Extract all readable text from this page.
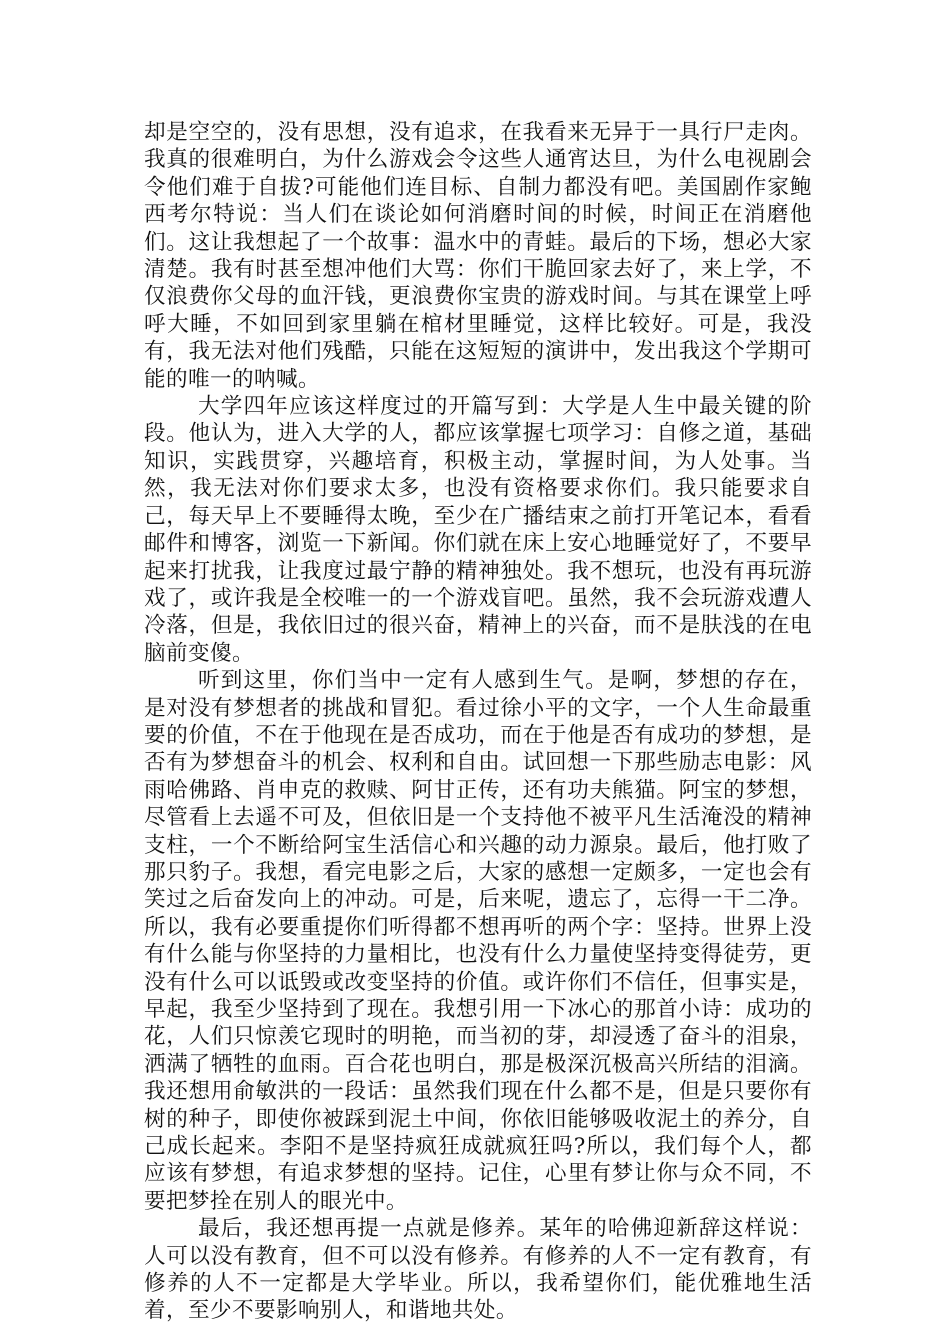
却是空空的，没有思想，没有追求，在我看来无异于一具行尸走肉。我真的很难明白，为什么游戏会令这些人通宵达旦，为什么电视剧会令他们难于自拔?可能他们连目标、自制力都没有吧。美国剧作家鲍西考尔特说：当人们在谈论如何消磨时间的时候，时间正在消磨他们。这让我想起了一个故事：温水中的青蛙。最后的下场，想必大家清楚。我有时甚至想冲他们大骂：你们干脆回家去好了，来上学，不仅浪费你父母的血汗钱，更浪费你宝贵的游戏时间。与其在课堂上呼呼大睡，不如回到家里躺在棺材里睡觉，这样比较好。可是，我没有，我无法对他们残酷，只能在这短短的演讲中，发出我这个学期可能的唯一的呐喊。

大学四年应该这样度过的开篇写到：大学是人生中最关键的阶段。他认为，进入大学的人，都应该掌握七项学习：自修之道，基础知识，实践贯穿，兴趣培育，积极主动，掌握时间，为人处事。当然，我无法对你们要求太多，也没有资格要求你们。我只能要求自己，每天早上不要睡得太晚，至少在广播结束之前打开笔记本，看看邮件和博客，浏览一下新闻。你们就在床上安心地睡觉好了，不要早起来打扰我，让我度过最宁静的精神独处。我不想玩，也没有再玩游戏了，或许我是全校唯一的一个游戏盲吧。虽然，我不会玩游戏遭人冷落，但是，我依旧过的很兴奋，精神上的兴奋，而不是肤浅的在电脑前变傻。

听到这里，你们当中一定有人感到生气。是啊，梦想的存在，是对没有梦想者的挑战和冒犯。看过徐小平的文字，一个人生命最重要的价值，不在于他现在是否成功，而在于他是否有成功的梦想，是否有为梦想奋斗的机会、权利和自由。试回想一下那些励志电影：风雨哈佛路、肖申克的救赎、阿甘正传，还有功夫熊猫。阿宝的梦想，尽管看上去遥不可及，但依旧是一个支持他不被平凡生活淹没的精神支柱，一个不断给阿宝生活信心和兴趣的动力源泉。最后，他打败了那只豹子。我想，看完电影之后，大家的感想一定颇多，一定也会有笑过之后奋发向上的冲动。可是，后来呢，遗忘了，忘得一干二净。所以，我有必要重提你们听得都不想再听的两个字：坚持。世界上没有什么能与你坚持的力量相比，也没有什么力量使坚持变得徒劳，更没有什么可以诋毁或改变坚持的价值。或许你们不信任，但事实是，早起，我至少坚持到了现在。我想引用一下冰心的那首小诗：成功的花，人们只惊羡它现时的明艳，而当初的芽，却浸透了奋斗的泪泉，洒满了牺牲的血雨。百合花也明白，那是极深沉极高兴所结的泪滴。我还想用俞敏洪的一段话：虽然我们现在什么都不是，但是只要你有树的种子，即使你被踩到泥土中间，你依旧能够吸收泥土的养分，自己成长起来。李阳不是坚持疯狂成就疯狂吗?所以，我们每个人，都应该有梦想，有追求梦想的坚持。记住，心里有梦让你与众不同，不要把梦拴在别人的眼光中。

最后，我还想再提一点就是修养。某年的哈佛迎新辞这样说：人可以没有教育，但不可以没有修养。有修养的人不一定有教育，有修养的人不一定都是大学毕业。所以，我希望你们，能优雅地生活着，至少不要影响别人，和谐地共处。
